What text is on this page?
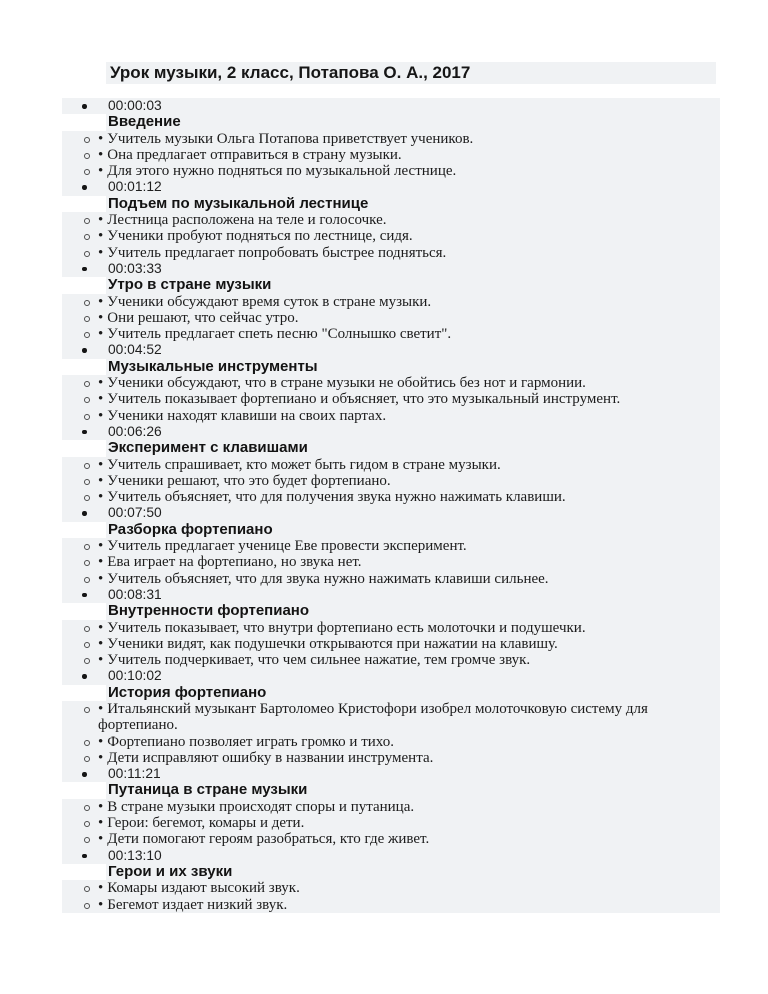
Урок музыки, 2 класс, Потапова О. А., 2017
00:00:03
Введение
• Учитель музыки Ольга Потапова приветствует учеников.
• Она предлагает отправиться в страну музыки.
• Для этого нужно подняться по музыкальной лестнице.
00:01:12
Подъем по музыкальной лестнице
• Лестница расположена на теле и голосочке.
• Ученики пробуют подняться по лестнице, сидя.
• Учитель предлагает попробовать быстрее подняться.
00:03:33
Утро в стране музыки
• Ученики обсуждают время суток в стране музыки.
• Они решают, что сейчас утро.
• Учитель предлагает спеть песню "Солнышко светит".
00:04:52
Музыкальные инструменты
• Ученики обсуждают, что в стране музыки не обойтись без нот и гармонии.
• Учитель показывает фортепиано и объясняет, что это музыкальный инструмент.
• Ученики находят клавиши на своих партах.
00:06:26
Эксперимент с клавишами
• Учитель спрашивает, кто может быть гидом в стране музыки.
• Ученики решают, что это будет фортепиано.
• Учитель объясняет, что для получения звука нужно нажимать клавиши.
00:07:50
Разборка фортепиано
• Учитель предлагает ученице Еве провести эксперимент.
• Ева играет на фортепиано, но звука нет.
• Учитель объясняет, что для звука нужно нажимать клавиши сильнее.
00:08:31
Внутренности фортепиано
• Учитель показывает, что внутри фортепиано есть молоточки и подушечки.
• Ученики видят, как подушечки открываются при нажатии на клавишу.
• Учитель подчеркивает, что чем сильнее нажатие, тем громче звук.
00:10:02
История фортепиано
• Итальянский музыкант Бартоломео Кристофори изобрел молоточковую систему для фортепиано.
• Фортепиано позволяет играть громко и тихо.
• Дети исправляют ошибку в названии инструмента.
00:11:21
Путаница в стране музыки
• В стране музыки происходят споры и путаница.
• Герои: бегемот, комары и дети.
• Дети помогают героям разобраться, кто где живет.
00:13:10
Герои и их звуки
• Комары издают высокий звук.
• Бегемот издает низкий звук.
